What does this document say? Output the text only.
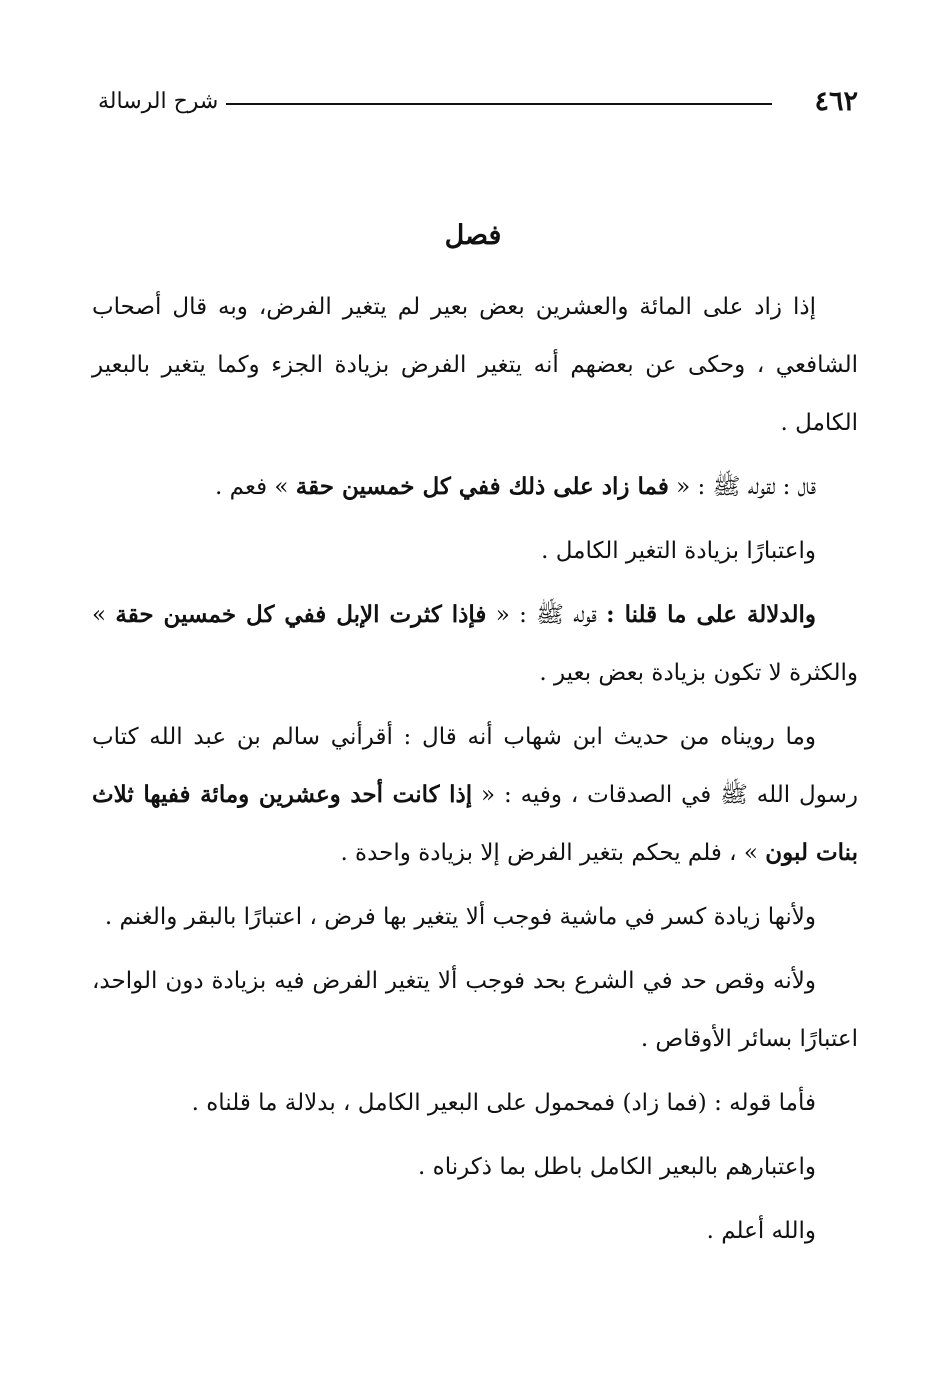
٤٦٢
شرح الرسالة
فصل

إذا زاد على المائة والعشرين بعض بعير لم يتغير الفرض، وبه قال أصحاب الشافعي ، وحكى عن بعضهم أنه يتغير الفرض بزيادة الجزء وكما يتغير بالبعير الكامل .

قال : لقوله ﷺ : « فما زاد على ذلك ففي كل خمسين حقة » فعم .

واعتبارًا بزيادة التغير الكامل .

والدلالة على ما قلنا : قوله ﷺ : « فإذا كثرت الإبل ففي كل خمسين حقة » والكثرة لا تكون بزيادة بعض بعير .

وما رويناه من حديث ابن شهاب أنه قال : أقرأني سالم بن عبد الله كتاب رسول الله ﷺ في الصدقات ، وفيه : « إذا كانت أحد وعشرين ومائة ففيها ثلاث بنات لبون » ، فلم يحكم بتغير الفرض إلا بزيادة واحدة .

ولأنها زيادة كسر في ماشية فوجب ألا يتغير بها فرض ، اعتبارًا بالبقر والغنم .

ولأنه وقص حد في الشرع بحد فوجب ألا يتغير الفرض فيه بزيادة دون الواحد، اعتبارًا بسائر الأوقاص .

فأما قوله : (فما زاد) فمحمول على البعير الكامل ، بدلالة ما قلناه .

واعتبارهم بالبعير الكامل باطل بما ذكرناه .

والله أعلم .
